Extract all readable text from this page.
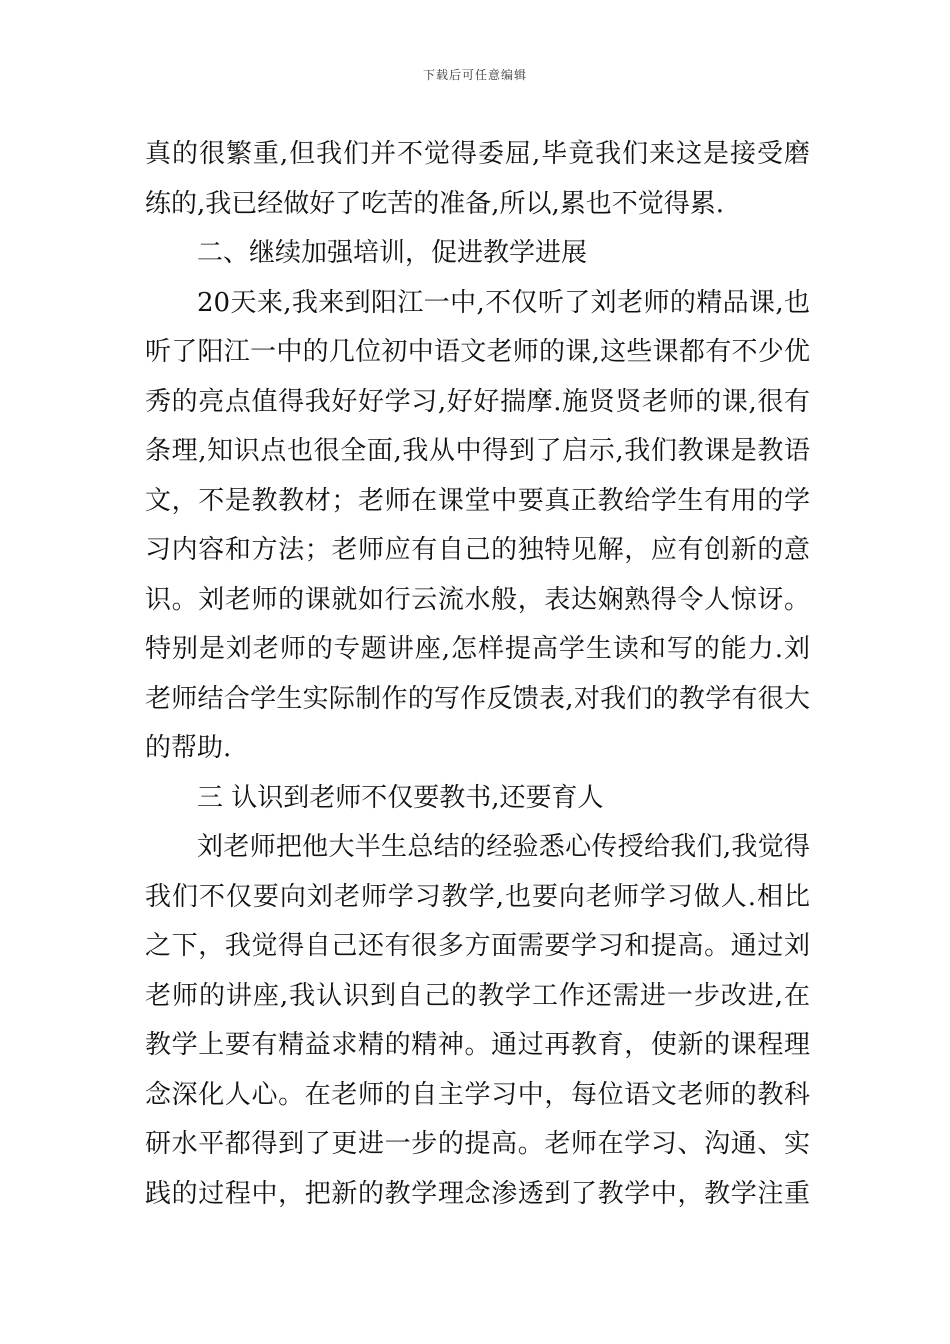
下载后可任意编辑
真的很繁重,但我们并不觉得委屈,毕竟我们来这是接受磨
练的,我已经做好了吃苦的准备,所以,累也不觉得累.
二、继续加强培训，促进教学进展
20天来,我来到阳江一中,不仅听了刘老师的精品课,也
听了阳江一中的几位初中语文老师的课,这些课都有不少优
秀的亮点值得我好好学习,好好揣摩.施贤贤老师的课,很有
条理,知识点也很全面,我从中得到了启示,我们教课是教语
文，不是教教材；老师在课堂中要真正教给学生有用的学
习内容和方法；老师应有自己的独特见解，应有创新的意
识。刘老师的课就如行云流水般，表达娴熟得令人惊讶。
特别是刘老师的专题讲座,怎样提高学生读和写的能力.刘
老师结合学生实际制作的写作反馈表,对我们的教学有很大
的帮助.
三 认识到老师不仅要教书,还要育人
刘老师把他大半生总结的经验悉心传授给我们,我觉得
我们不仅要向刘老师学习教学,也要向老师学习做人.相比
之下，我觉得自己还有很多方面需要学习和提高。通过刘
老师的讲座,我认识到自己的教学工作还需进一步改进,在
教学上要有精益求精的精神。通过再教育，使新的课程理
念深化人心。在老师的自主学习中，每位语文老师的教科
研水平都得到了更进一步的提高。老师在学习、沟通、实
践的过程中，把新的教学理念渗透到了教学中，教学注重
